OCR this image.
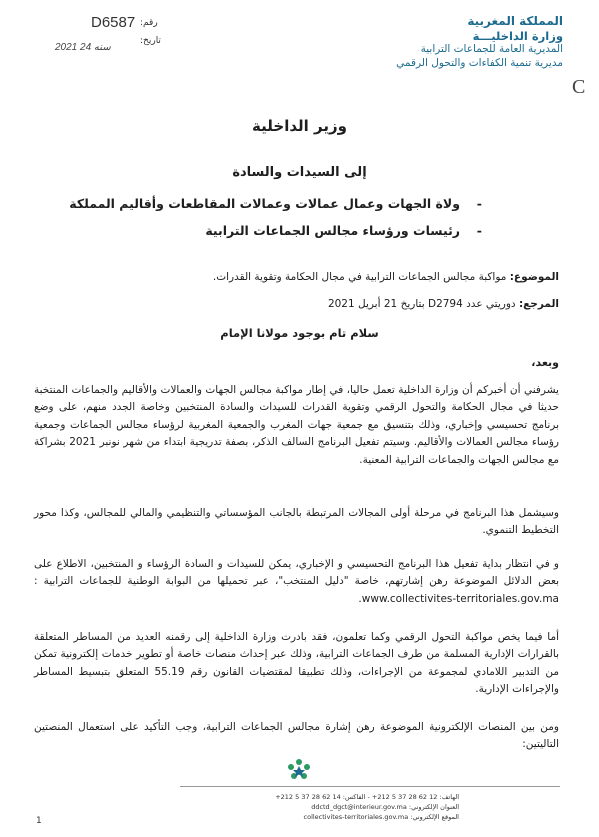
المملكة المغربية
وزارة الداخليـــة
المديرية العامة للجماعات الترابية
مديرية تنمية الكفاءات والتحول الرقمي
D6587 رقم:
2021 ﺳﻨﻪ 24
تاريخ:
C
وزير الداخلية
إلى السيدات والسادة
-ولاة الجهات وعمال عمالات وعمالات المقاطعات وأقاليم المملكة
-رئيسات ورؤساء مجالس الجماعات الترابية
الموضوع: مواكبة مجالس الجماعات الترابية في مجال الحكامة وتقوية القدرات.
المرجع: دوريتي عدد D2794 بتاريخ 21 أبريل 2021
سلام تام بوجود مولانا الإمام
وبعد،
يشرفني أن أخبركم أن وزارة الداخلية تعمل حاليا، في إطار مواكبة مجالس الجهات والعمالات والأقاليم والجماعات المنتخبة حديثا في مجال الحكامة والتحول الرقمي وتقوية القدرات للسيدات والسادة المنتخبين وخاصة الجدد منهم، على وضع برنامج تحسيسي وإخباري، وذلك بتنسيق مع جمعية جهات المغرب والجمعية المغربية لرؤساء مجالس الجماعات وجمعية رؤساء مجالس العمالات والأقاليم. وسيتم تفعيل البرنامج السالف الذكر، بصفة تدريجية ابتداء من شهر نونبر 2021 بشراكة مع مجالس الجهات والجماعات الترابية المعنية.
وسيشمل هذا البرنامج في مرحلة أولى المجالات المرتبطة بالجانب المؤسساتي والتنظيمي والمالي للمجالس، وكذا محور التخطيط التنموي.
و في انتظار بداية تفعيل هذا البرنامج التحسيسي و الإخباري، يمكن للسيدات و السادة الرؤساء و المنتخبين، الاطلاع على بعض الدلائل الموضوعة رهن إشارتهم، خاصة "دليل المنتخب"، عبر تحميلها من البوابة الوطنية للجماعات الترابية : www.collectivites-territoriales.gov.ma.
أما فيما يخص مواكبة التحول الرقمي وكما تعلمون، فقد بادرت وزارة الداخلية إلى رقمنه العديد من المساطر المتعلقة بالقرارات الإدارية المسلمة من طرف الجماعات الترابية، وذلك عبر إحداث منصات خاصة أو تطوير خدمات إلكترونية تمكن من التدبير اللامادي لمجموعة من الإجراءات، وذلك تطبيقا لمقتضيات القانون رقم 55.19 المتعلق بتبسيط المساطر والإجراءات الإدارية.
ومن بين المنصات الإلكترونية الموضوعة رهن إشارة مجالس الجماعات الترابية، وجب التأكيد على استعمال المنصتين التاليتين:
الهاتف: 12 62 28 37 5 212+ - الفاكس: 14 62 28 37 5 212+
العنوان الإلكتروني: ddctd_dgct@interieur.gov.ma
الموقع الإلكتروني: collectivites-territoriales.gov.ma
1
